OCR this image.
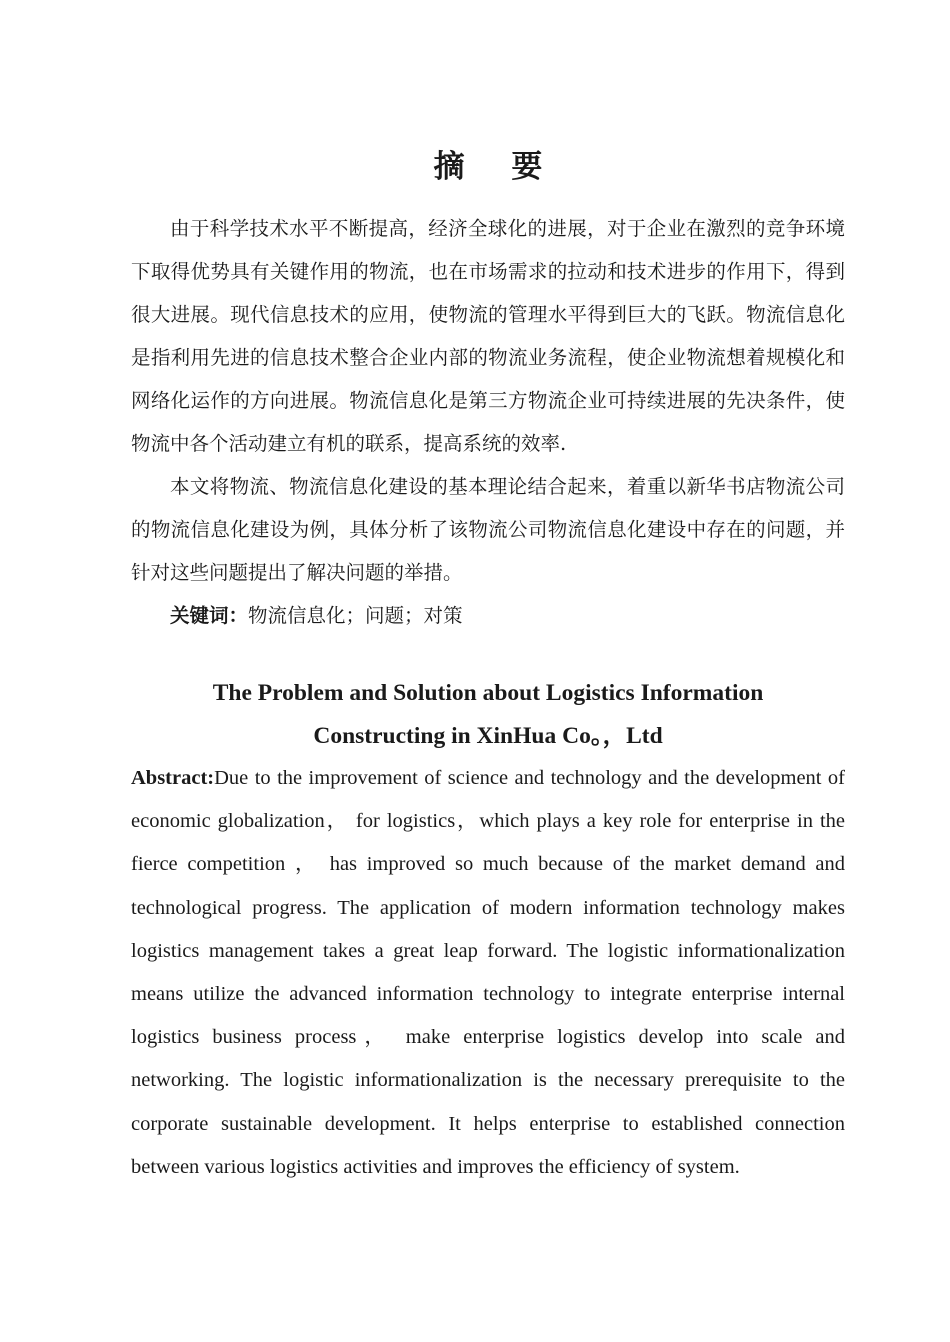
摘 要

由于科学技术水平不断提高，经济全球化的进展，对于企业在激烈的竞争环境下取得优势具有关键作用的物流，也在市场需求的拉动和技术进步的作用下，得到很大进展。现代信息技术的应用，使物流的管理水平得到巨大的飞跃。物流信息化是指利用先进的信息技术整合企业内部的物流业务流程，使企业物流想着规模化和网络化运作的方向进展。物流信息化是第三方物流企业可持续进展的先决条件，使物流中各个活动建立有机的联系，提高系统的效率.

本文将物流、物流信息化建设的基本理论结合起来，着重以新华书店物流公司的物流信息化建设为例，具体分析了该物流公司物流信息化建设中存在的问题，并针对这些问题提出了解决问题的举措。

关键词：物流信息化；问题；对策

The Problem and Solution about Logistics Information
Constructing in XinHua Co。，Ltd

Abstract:Due to the improvement of science and technology and the development of economic globalization， for logistics，which plays a key role for enterprise in the fierce competition ， has improved so much because of the market demand and technological progress. The application of modern information technology makes logistics management takes a great leap forward. The logistic informationalization means utilize the advanced information technology to integrate enterprise internal logistics business process， make enterprise logistics develop into scale and networking. The logistic informationalization is the necessary prerequisite to the corporate sustainable development. It helps enterprise to established connection between various logistics activities and improves the efficiency of system.
